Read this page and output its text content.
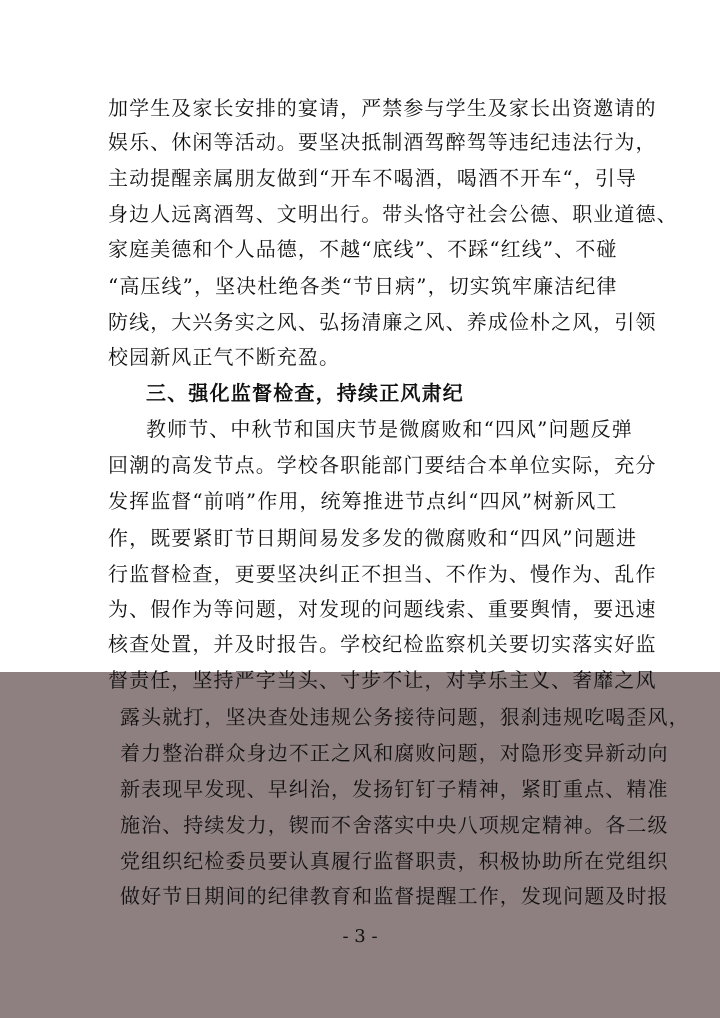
加学生及家长安排的宴请，严禁参与学生及家长出资邀请的
娱乐、休闲等活动。要坚决抵制酒驾醉驾等违纪违法行为，
主动提醒亲属朋友做到“开车不喝酒，喝酒不开车“，引导
身边人远离酒驾、文明出行。带头恪守社会公德、职业道德、
家庭美德和个人品德，不越“底线”、不踩“红线”、不碰
“高压线”，坚决杜绝各类“节日病”，切实筑牢廉洁纪律
防线，大兴务实之风、弘扬清廉之风、养成俭朴之风，引领
校园新风正气不断充盈。
三、强化监督检查，持续正风肃纪
教师节、中秋节和国庆节是微腐败和“四风”问题反弹
回潮的高发节点。学校各职能部门要结合本单位实际，充分
发挥监督“前哨”作用，统筹推进节点纠“四风”树新风工
作，既要紧盯节日期间易发多发的微腐败和“四风”问题进
行监督检查，更要坚决纠正不担当、不作为、慢作为、乱作
为、假作为等问题，对发现的问题线索、重要舆情，要迅速
核查处置，并及时报告。学校纪检监察机关要切实落实好监
督责任，坚持严字当头、寸步不让，对享乐主义、奢靡之风
露头就打，坚决查处违规公务接待问题，狠刹违规吃喝歪风，
着力整治群众身边不正之风和腐败问题，对隐形变异新动向
新表现早发现、早纠治，发扬钉钉子精神，紧盯重点、精准
施治、持续发力，锲而不舍落实中央八项规定精神。各二级
党组织纪检委员要认真履行监督职责，积极协助所在党组织
做好节日期间的纪律教育和监督提醒工作，发现问题及时报
- 3 -
